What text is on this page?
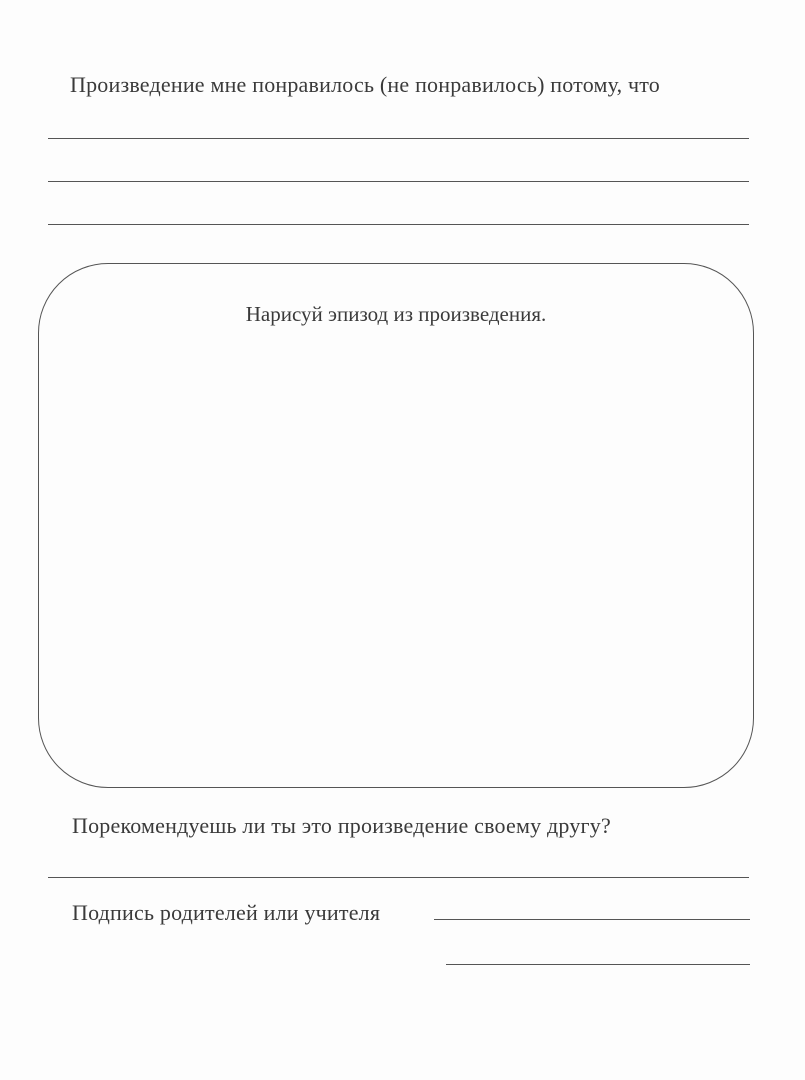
Произведение мне понравилось (не понравилось) потому, что
Нарисуй эпизод из произведения.
Порекомендуешь ли ты это произведение своему другу?
Подпись родителей или учителя
